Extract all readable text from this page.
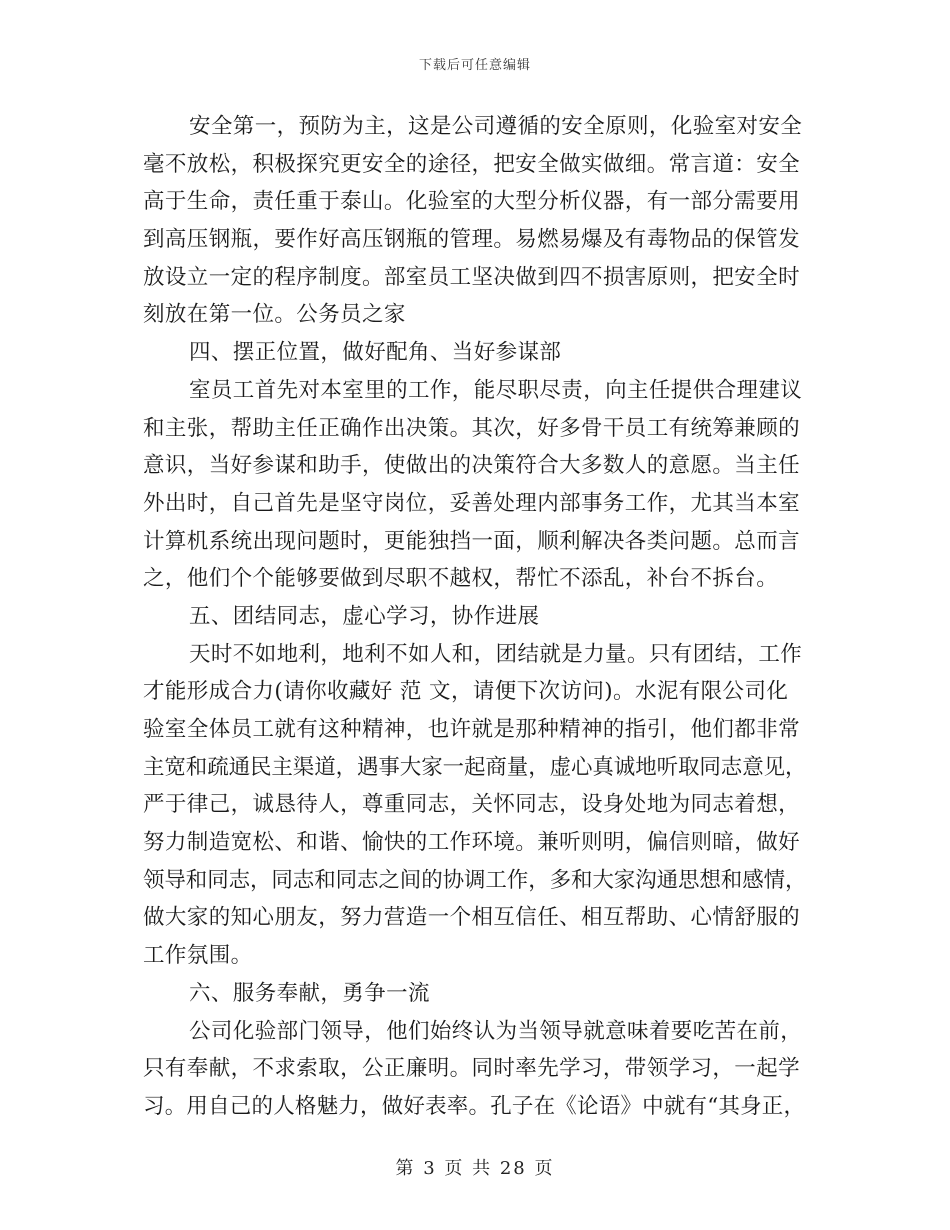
下载后可任意编辑
安全第一，预防为主，这是公司遵循的安全原则，化验室对安全
毫不放松，积极探究更安全的途径，把安全做实做细。常言道：安全
高于生命，责任重于泰山。化验室的大型分析仪器，有一部分需要用
到高压钢瓶，要作好高压钢瓶的管理。易燃易爆及有毒物品的保管发
放设立一定的程序制度。部室员工坚决做到四不损害原则，把安全时
刻放在第一位。公务员之家
四、摆正位置，做好配角、当好参谋部
室员工首先对本室里的工作，能尽职尽责，向主任提供合理建议
和主张，帮助主任正确作出决策。其次，好多骨干员工有统筹兼顾的
意识，当好参谋和助手，使做出的决策符合大多数人的意愿。当主任
外出时，自己首先是坚守岗位，妥善处理内部事务工作，尤其当本室
计算机系统出现问题时，更能独挡一面，顺利解决各类问题。总而言
之，他们个个能够要做到尽职不越权，帮忙不添乱，补台不拆台。
五、团结同志，虚心学习，协作进展
天时不如地利，地利不如人和，团结就是力量。只有团结，工作
才能形成合力(请你收藏好 范 文，请便下次访问)。水泥有限公司化
验室全体员工就有这种精神，也许就是那种精神的指引，他们都非常
主宽和疏通民主渠道，遇事大家一起商量，虚心真诚地听取同志意见，
严于律己，诚恳待人，尊重同志，关怀同志，设身处地为同志着想，
努力制造宽松、和谐、愉快的工作环境。兼听则明，偏信则暗，做好
领导和同志，同志和同志之间的协调工作，多和大家沟通思想和感情，
做大家的知心朋友，努力营造一个相互信任、相互帮助、心情舒服的
工作氛围。
六、服务奉献，勇争一流
公司化验部门领导，他们始终认为当领导就意味着要吃苦在前，
只有奉献，不求索取，公正廉明。同时率先学习，带领学习，一起学
习。用自己的人格魅力，做好表率。孔子在《论语》中就有“其身正，
第 3 页 共 28 页
